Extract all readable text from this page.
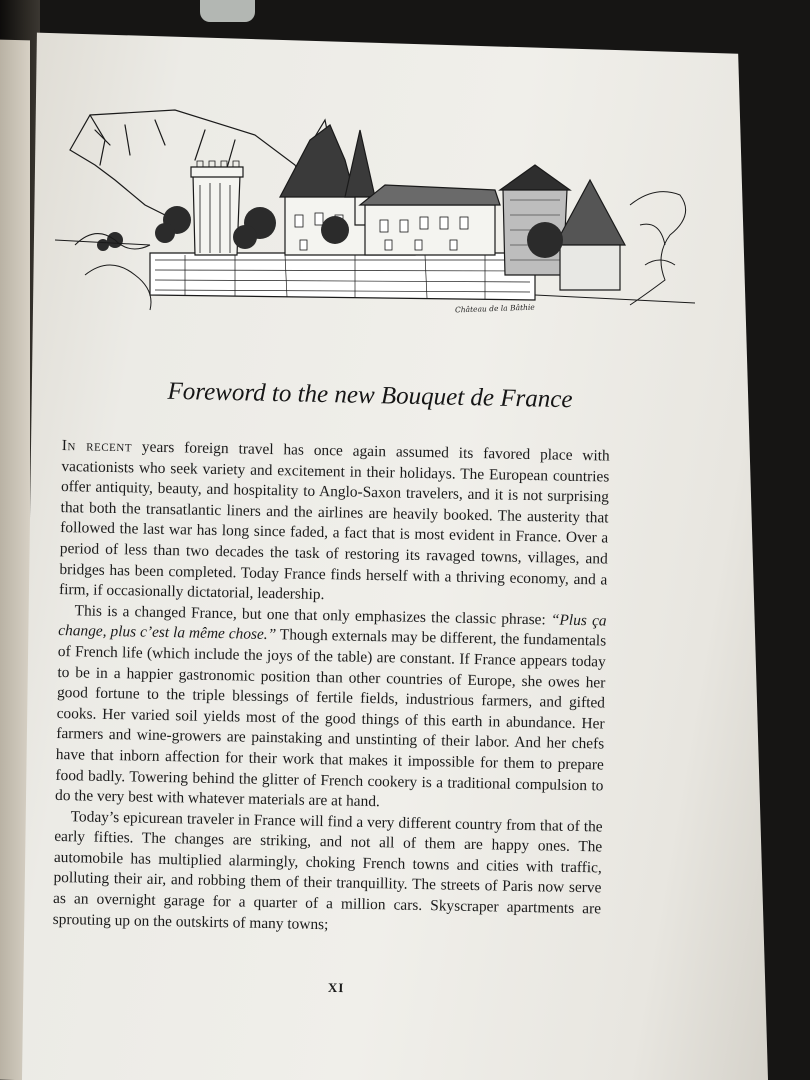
Château de la Bâthie
Foreword to the new Bouquet de France

In recent years foreign travel has once again assumed its favored place with vacationists who seek variety and excitement in their holidays. The European countries offer antiquity, beauty, and hospitality to Anglo-Saxon travelers, and it is not surprising that both the transatlantic liners and the airlines are heavily booked. The austerity that followed the last war has long since faded, a fact that is most evident in France. Over a period of less than two decades the task of restoring its ravaged towns, villages, and bridges has been completed. Today France finds herself with a thriving economy, and a firm, if occasionally dictatorial, leadership.

This is a changed France, but one that only emphasizes the classic phrase: “Plus ça change, plus c’est la même chose.” Though externals may be different, the fundamentals of French life (which include the joys of the table) are constant. If France appears today to be in a happier gastronomic position than other countries of Europe, she owes her good fortune to the triple blessings of fertile fields, industrious farmers, and gifted cooks. Her varied soil yields most of the good things of this earth in abundance. Her farmers and wine-growers are painstaking and unstinting of their labor. And her chefs have that inborn affection for their work that makes it impossible for them to prepare food badly. Towering behind the glitter of French cookery is a traditional compulsion to do the very best with whatever materials are at hand.

Today’s epicurean traveler in France will find a very different country from that of the early fifties. The changes are striking, and not all of them are happy ones. The automobile has multiplied alarmingly, choking French towns and cities with traffic, polluting their air, and robbing them of their tranquillity. The streets of Paris now serve as an overnight garage for a quarter of a million cars. Skyscraper apartments are sprouting up on the outskirts of many towns;

XI
